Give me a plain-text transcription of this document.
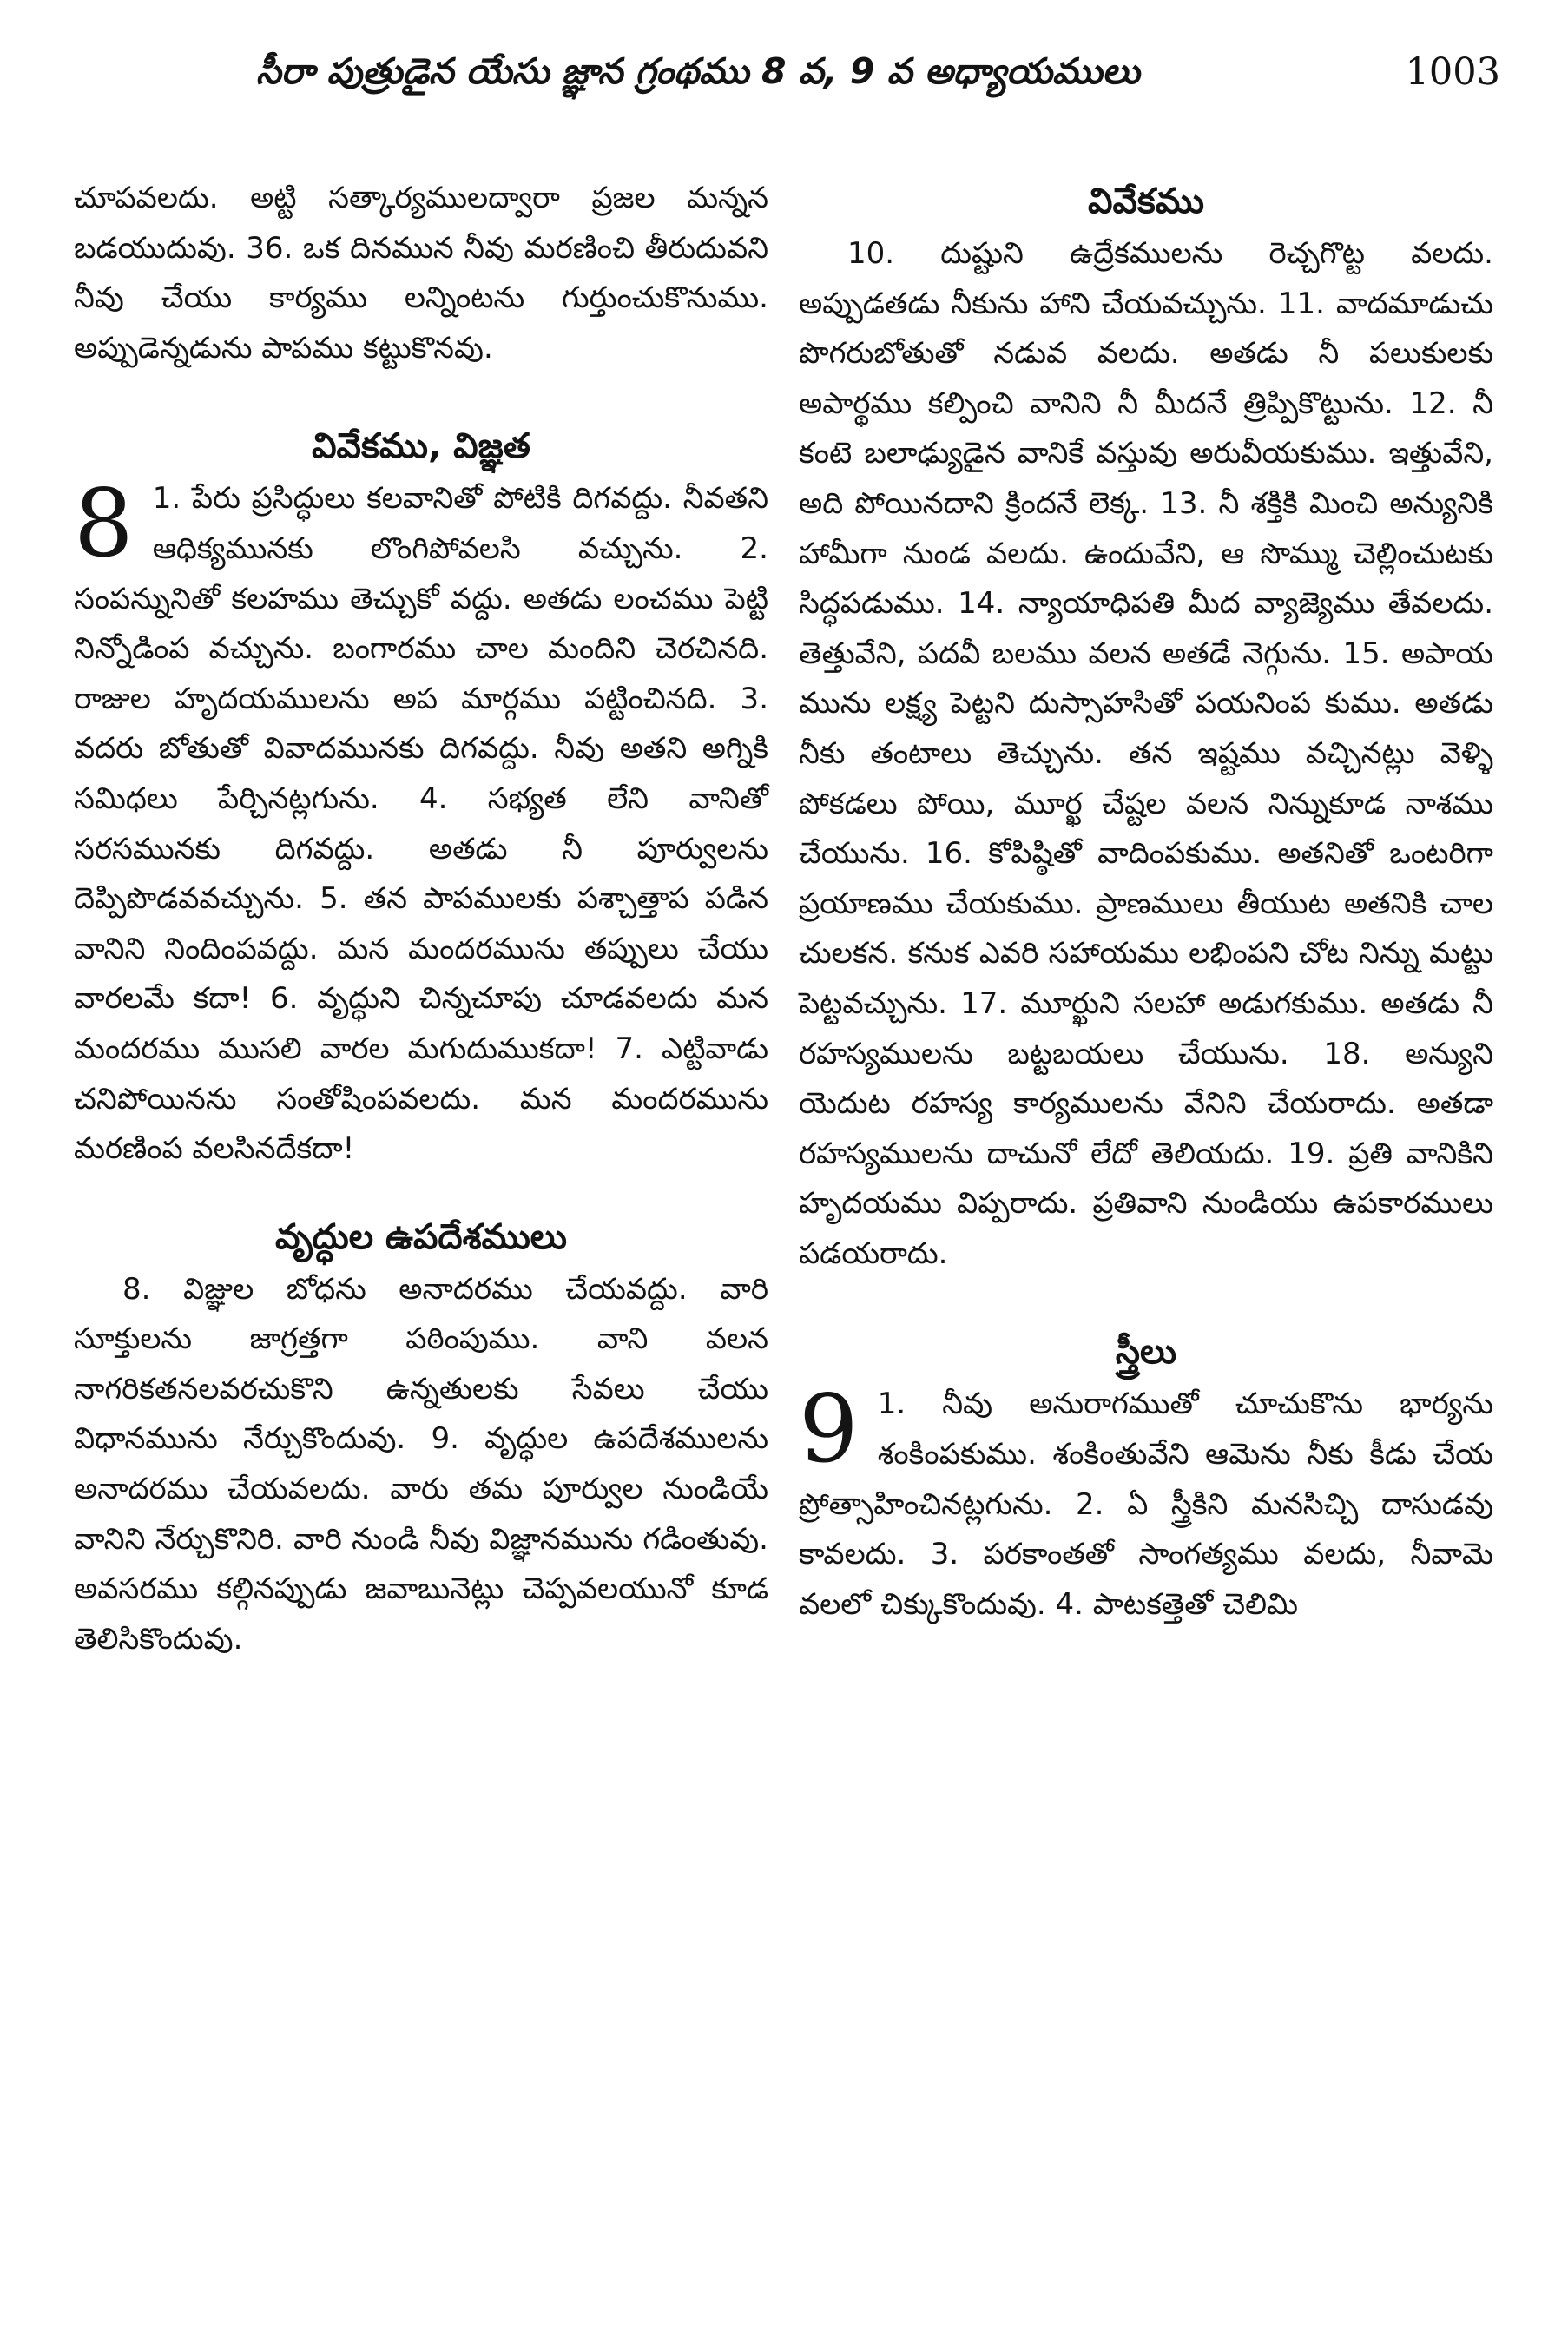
సీరా పుత్రుడైన యేసు జ్ఞాన గ్రంథము 8 వ, 9 వ అధ్యాయములు	1003

చూపవలదు. అట్టి సత్కార్యములద్వారా ప్రజల మన్నన బడయుదువు. 36. ఒక దినమున నీవు మరణించి తీరుదువని నీవు చేయు కార్యము లన్నింటను గుర్తుంచుకొనుము. అప్పుడెన్నడును పాపము కట్టుకొనవు.

వివేకము, విజ్ఞత
8 1. పేరు ప్రసిద్ధులు కలవానితో పోటికి దిగవద్దు. నీవతని ఆధిక్యమునకు లొంగిపోవలసి వచ్చును. 2. సంపన్నునితో కలహము తెచ్చుకో వద్దు. అతడు లంచము పెట్టి నిన్నోడింప వచ్చును. బంగారము చాల మందిని చెరచినది. రాజుల హృదయములను అప మార్గము పట్టించినది. 3. వదరు బోతుతో వివాదమునకు దిగవద్దు. నీవు అతని అగ్నికి సమిధలు పేర్చినట్లగును. 4. సభ్యత లేని వానితో సరసమునకు దిగవద్దు. అతడు నీ పూర్వులను దెప్పిపొడవవచ్చును. 5. తన పాపములకు పశ్చాత్తాప పడిన వానిని నిందింపవద్దు. మన మందరమును తప్పులు చేయు వారలమే కదా! 6. వృద్ధుని చిన్నచూపు చూడవలదు మన మందరము ముసలి వారల మగుదుముకదా! 7. ఎట్టివాడు చనిపోయినను సంతోషింపవలదు. మన మందరమును మరణింప వలసినదేకదా!

వృద్ధుల ఉపదేశములు

8. విజ్ఞుల బోధను అనాదరము చేయవద్దు. వారి సూక్తులను జాగ్రత్తగా పఠింపుము. వాని వలన నాగరికతనలవరచుకొని ఉన్నతులకు సేవలు చేయు విధానమును నేర్చుకొందువు. 9. వృద్ధుల ఉపదేశములను అనాదరము చేయవలదు. వారు తమ పూర్వుల నుండియే వానిని నేర్చుకొనిరి. వారి నుండి నీవు విజ్ఞానమును గడింతువు. అవసరము కల్గినప్పుడు జవాబునెట్లు చెప్పవలయునో కూడ తెలిసికొందువు.

వివేకము

10. దుష్టుని ఉద్రేకములను రెచ్చగొట్ట వలదు. అప్పుడతడు నీకును హాని చేయవచ్చును. 11. వాదమాడుచు పొగరుబోతుతో నడువ వలదు. అతడు నీ పలుకులకు అపార్థము కల్పించి వానిని నీ మీదనే త్రిప్పికొట్టును. 12. నీ కంటె బలాఢ్యుడైన వానికే వస్తువు అరువీయకుము. ఇత్తువేని, అది పోయినదాని క్రిందనే లెక్క. 13. నీ శక్తికి మించి అన్యునికి హామీగా నుండ వలదు. ఉందువేని, ఆ సొమ్ము చెల్లించుటకు సిద్ధపడుము. 14. న్యాయాధిపతి మీద వ్యాజ్యెము తేవలదు. తెత్తువేని, పదవీ బలము వలన అతడే నెగ్గును. 15. అపాయ మును లక్ష్య పెట్టని దుస్సాహసితో పయనింప కుము. అతడు నీకు తంటాలు తెచ్చును. తన ఇష్టము వచ్చినట్లు వెళ్ళి పోకడలు పోయి, మూర్ఖ చేష్టల వలన నిన్నుకూడ నాశము చేయును. 16. కోపిష్ఠితో వాదింపకుము. అతనితో ఒంటరిగా ప్రయాణము చేయకుము. ప్రాణములు తీయుట అతనికి చాల చులకన. కనుక ఎవరి సహాయము లభింపని చోట నిన్ను మట్టు పెట్టవచ్చును. 17. మూర్ఖుని సలహా అడుగకుము. అతడు నీ రహస్యములను బట్టబయలు చేయును. 18. అన్యుని యెదుట రహస్య కార్యములను వేనిని చేయరాదు. అతడా రహస్యములను దాచునో లేదో తెలియదు. 19. ప్రతి వానికిని హృదయము విప్పరాదు. ప్రతివాని నుండియు ఉపకారములు పడయరాదు.

స్త్రీలు
9 1. నీవు అనురాగముతో చూచుకొను భార్యను శంకింపకుము. శంకింతువేని ఆమెను నీకు కీడు చేయ ప్రోత్సాహించినట్లగును. 2. ఏ స్త్రీకిని మనసిచ్చి దాసుడవు కావలదు. 3. పరకాంతతో సాంగత్యము వలదు, నీవామె వలలో చిక్కుకొందువు. 4. పాటకత్తెతో చెలిమి
